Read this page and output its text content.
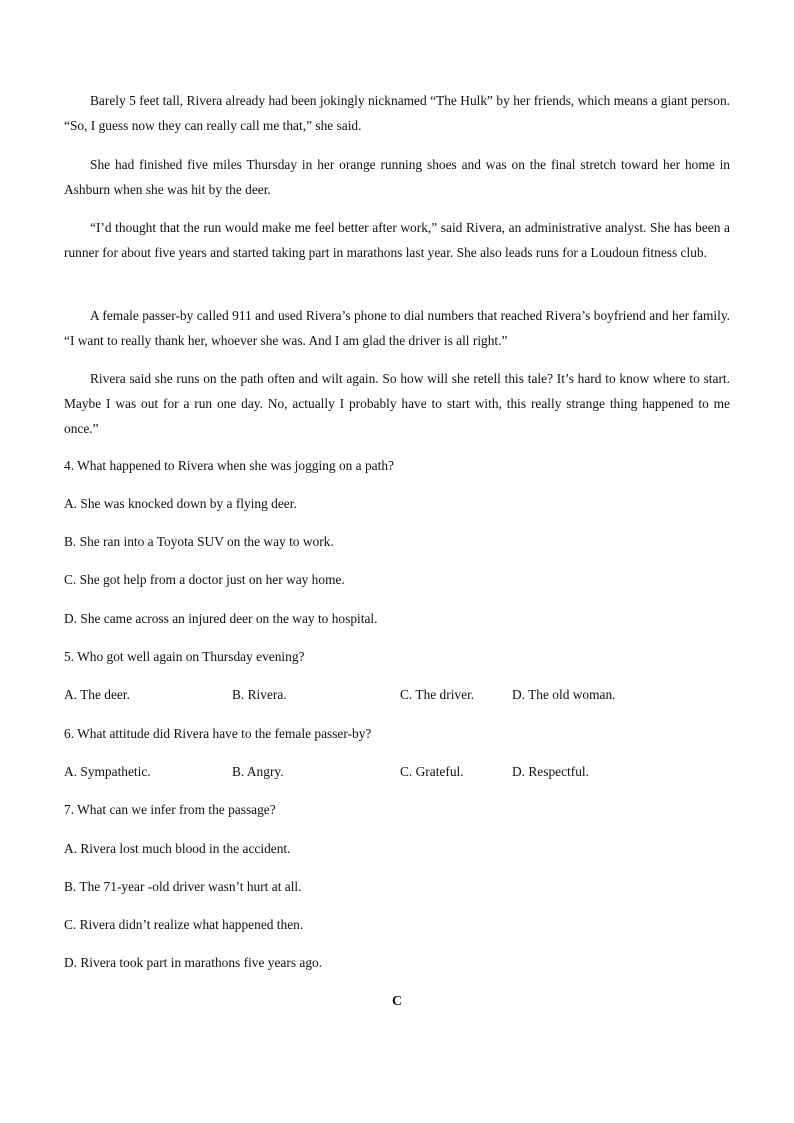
Barely 5 feet tall, Rivera already had been jokingly nicknamed “The Hulk” by her friends, which means a giant person. “So, I guess now they can really call me that,” she said.

She had finished five miles Thursday in her orange running shoes and was on the final stretch toward her home in Ashburn when she was hit by the deer.

“I’d thought that the run would make me feel better after work,” said Rivera, an administrative analyst. She has been a runner for about five years and started taking part in marathons last year. She also leads runs for a Loudoun fitness club.

A female passer-by called 911 and used Rivera’s phone to dial numbers that reached Rivera’s boyfriend and her family. “I want to really thank her, whoever she was. And I am glad the driver is all right.”

Rivera said she runs on the path often and wilt again. So how will she retell this tale? It’s hard to know where to start. Maybe I was out for a run one day. No, actually I probably have to start with, this really strange thing happened to me once.”

4. What happened to Rivera when she was jogging on a path?

A. She was knocked down by a flying deer.

B. She ran into a Toyota SUV on the way to work.

C. She got help from a doctor just on her way home.

D. She came across an injured deer on the way to hospital.

5. Who got well again on Thursday evening?

A. The deer.	B. Rivera.	C. The driver.	D. The old woman.

6. What attitude did Rivera have to the female passer-by?

A. Sympathetic.	B. Angry.	C. Grateful.	D. Respectful.

7. What can we infer from the passage?

A. Rivera lost much blood in the accident.

B. The 71-year -old driver wasn’t hurt at all.

C. Rivera didn’t realize what happened then.

D. Rivera took part in marathons five years ago.

C
